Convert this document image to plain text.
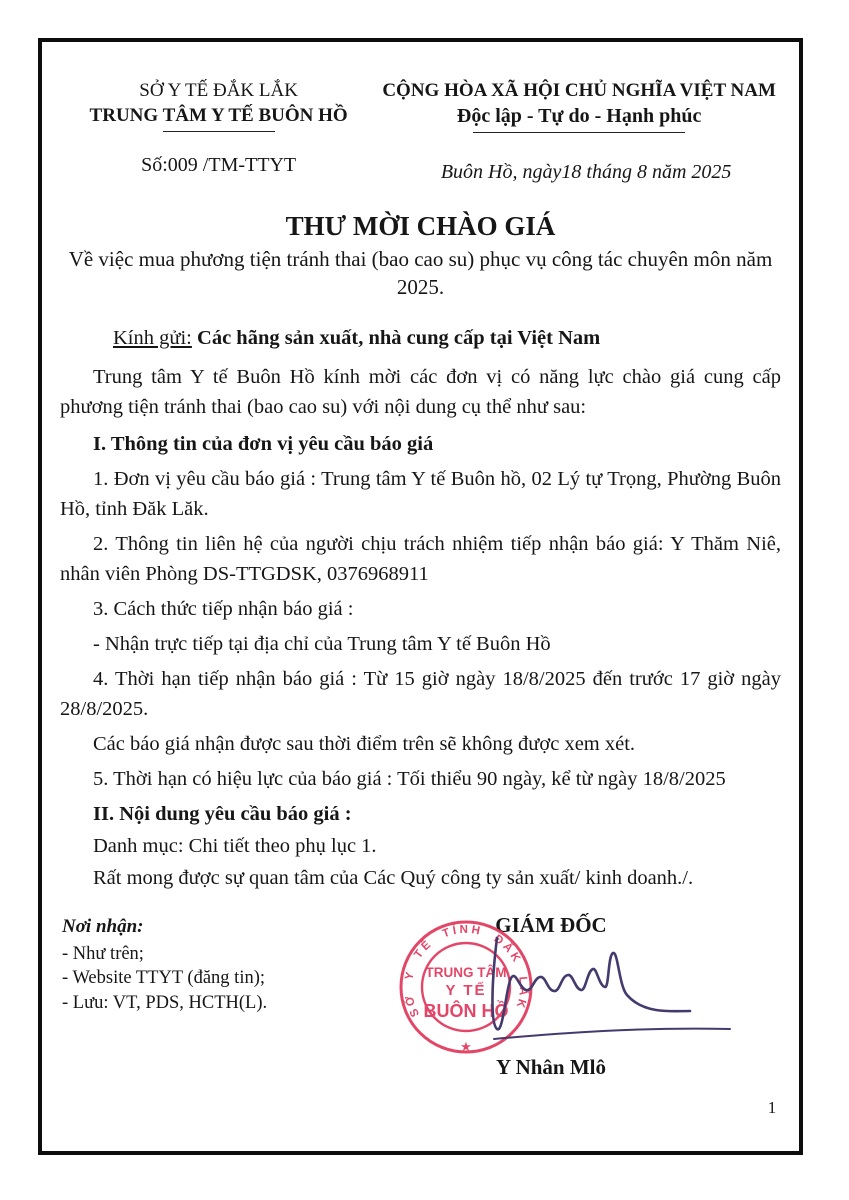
SỞ Y TẾ ĐẮK LẮK
TRUNG TÂM Y TẾ BUÔN HỒ
Số:009 /TM-TTYT
CỘNG HÒA XÃ HỘI CHỦ NGHĨA VIỆT NAM
Độc lập - Tự do - Hạnh phúc
Buôn Hồ, ngày18 tháng 8 năm 2025
THƯ MỜI CHÀO GIÁ
Về việc mua phương tiện tránh thai (bao cao su) phục vụ công tác chuyên môn năm 2025.
Kính gửi: Các hãng sản xuất, nhà cung cấp tại Việt Nam

Trung tâm Y tế Buôn Hồ kính mời các đơn vị có năng lực chào giá cung cấp phương tiện tránh thai (bao cao su) với nội dung cụ thể như sau:

I. Thông tin của đơn vị yêu cầu báo giá

1. Đơn vị yêu cầu báo giá : Trung tâm Y tế Buôn hồ, 02 Lý tự Trọng, Phường Buôn Hồ, tỉnh Đăk Lăk.

2. Thông tin liên hệ của người chịu trách nhiệm tiếp nhận báo giá: Y Thăm Niê, nhân viên Phòng DS-TTGDSK, 0376968911

3. Cách thức tiếp nhận báo giá :

- Nhận trực tiếp tại địa chỉ của Trung tâm Y tế Buôn Hồ

4. Thời hạn tiếp nhận báo giá : Từ 15 giờ ngày 18/8/2025 đến trước 17 giờ ngày 28/8/2025.

Các báo giá nhận được sau thời điểm trên sẽ không được xem xét.

5. Thời hạn có hiệu lực của báo giá : Tối thiểu 90 ngày, kể từ ngày 18/8/2025

II. Nội dung yêu cầu báo giá :

Danh mục: Chi tiết theo phụ lục 1.

Rất mong được sự quan tâm của Các Quý công ty sản xuất/ kinh doanh./.

Nơi nhận:
- Như trên;
- Website TTYT (đăng tin);
- Lưu: VT, PDS, HCTH(L).
GIÁM ĐỐC
SỞ Y TẾ TỈNH ĐẮK LẮK
★
TRUNG TÂM
Y TẾ
BUÔN HỒ
Y Nhân Mlô
1
